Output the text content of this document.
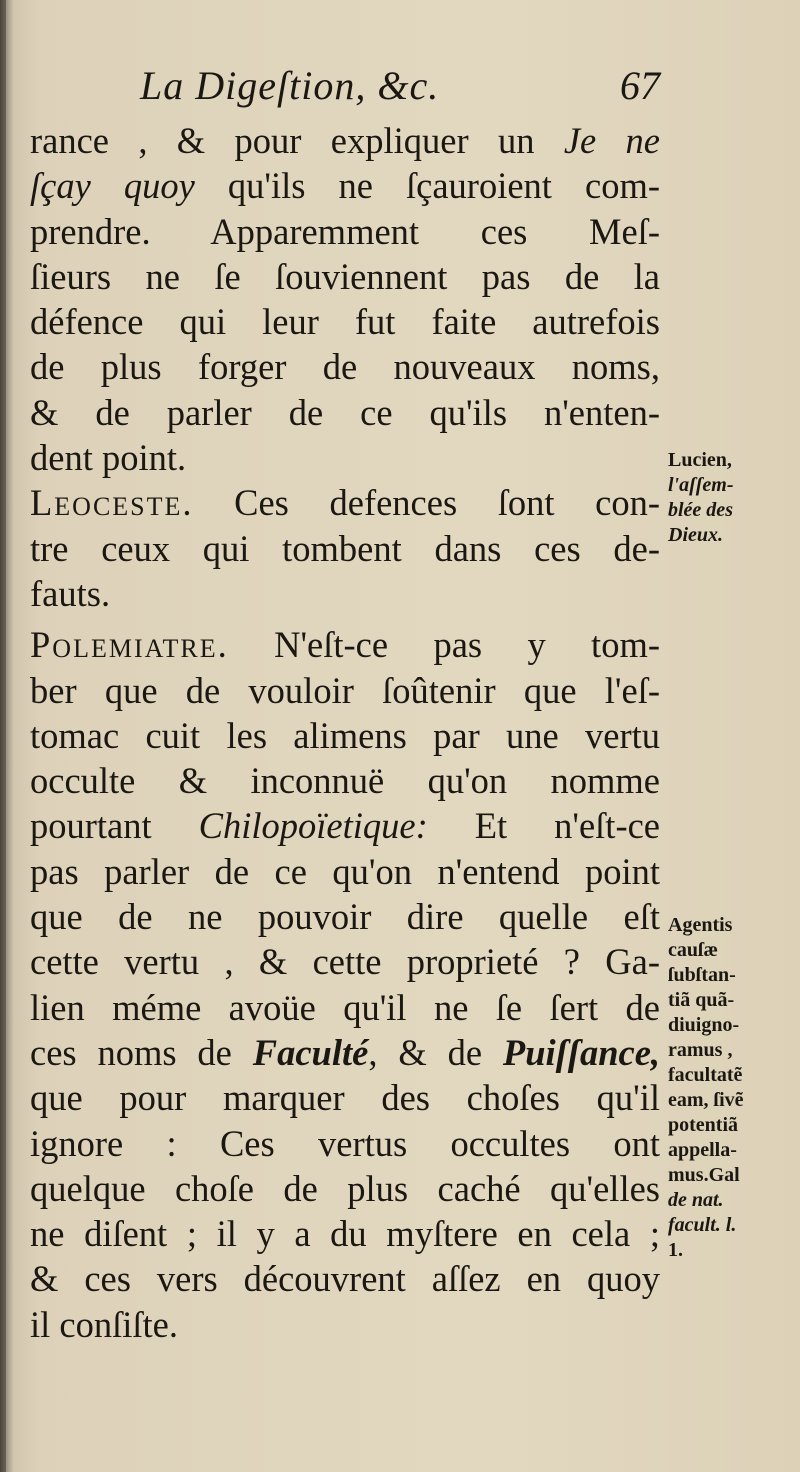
La Digeſtion, &c.	67
rance , & pour expliquer un Je ne
ſçay quoy qu'ils ne ſçauroient com-
prendre. Apparemment ces Meſ-
ſieurs ne ſe ſouviennent pas de la
défence qui leur fut faite autrefois
de plus forger de nouveaux noms,
& de parler de ce qu'ils n'enten-
dent point.
Leoceste. Ces defences ſont con-
tre ceux qui tombent dans ces de-
fauts.
Polemiatre. N'eſt-ce pas y tom-
ber que de vouloir ſoûtenir que l'eſ-
tomac cuit les alimens par une vertu
occulte & inconnuë qu'on nomme
pourtant Chilopoïetique: Et n'eſt-ce
pas parler de ce qu'on n'entend point
que de ne pouvoir dire quelle eſt
cette vertu , & cette proprieté ? Ga-
lien méme avoüe qu'il ne ſe ſert de
ces noms de Faculté, & de Puiſſance,
que pour marquer des choſes qu'il
ignore : Ces vertus occultes ont
quelque choſe de plus caché qu'elles
ne diſent ; il y a du myſtere en cela ;
& ces vers découvrent aſſez en quoy
il conſiſte.
Lucien,
l'aſſem-
blée des
Dieux.
Agentis
cauſæ
ſubſtan-
tiã quã-
diuigno-
ramus ,
facultatẽ
eam, ſivẽ
potentiã
appella-
mus.Gal
de nat.
facult. l.
1.
